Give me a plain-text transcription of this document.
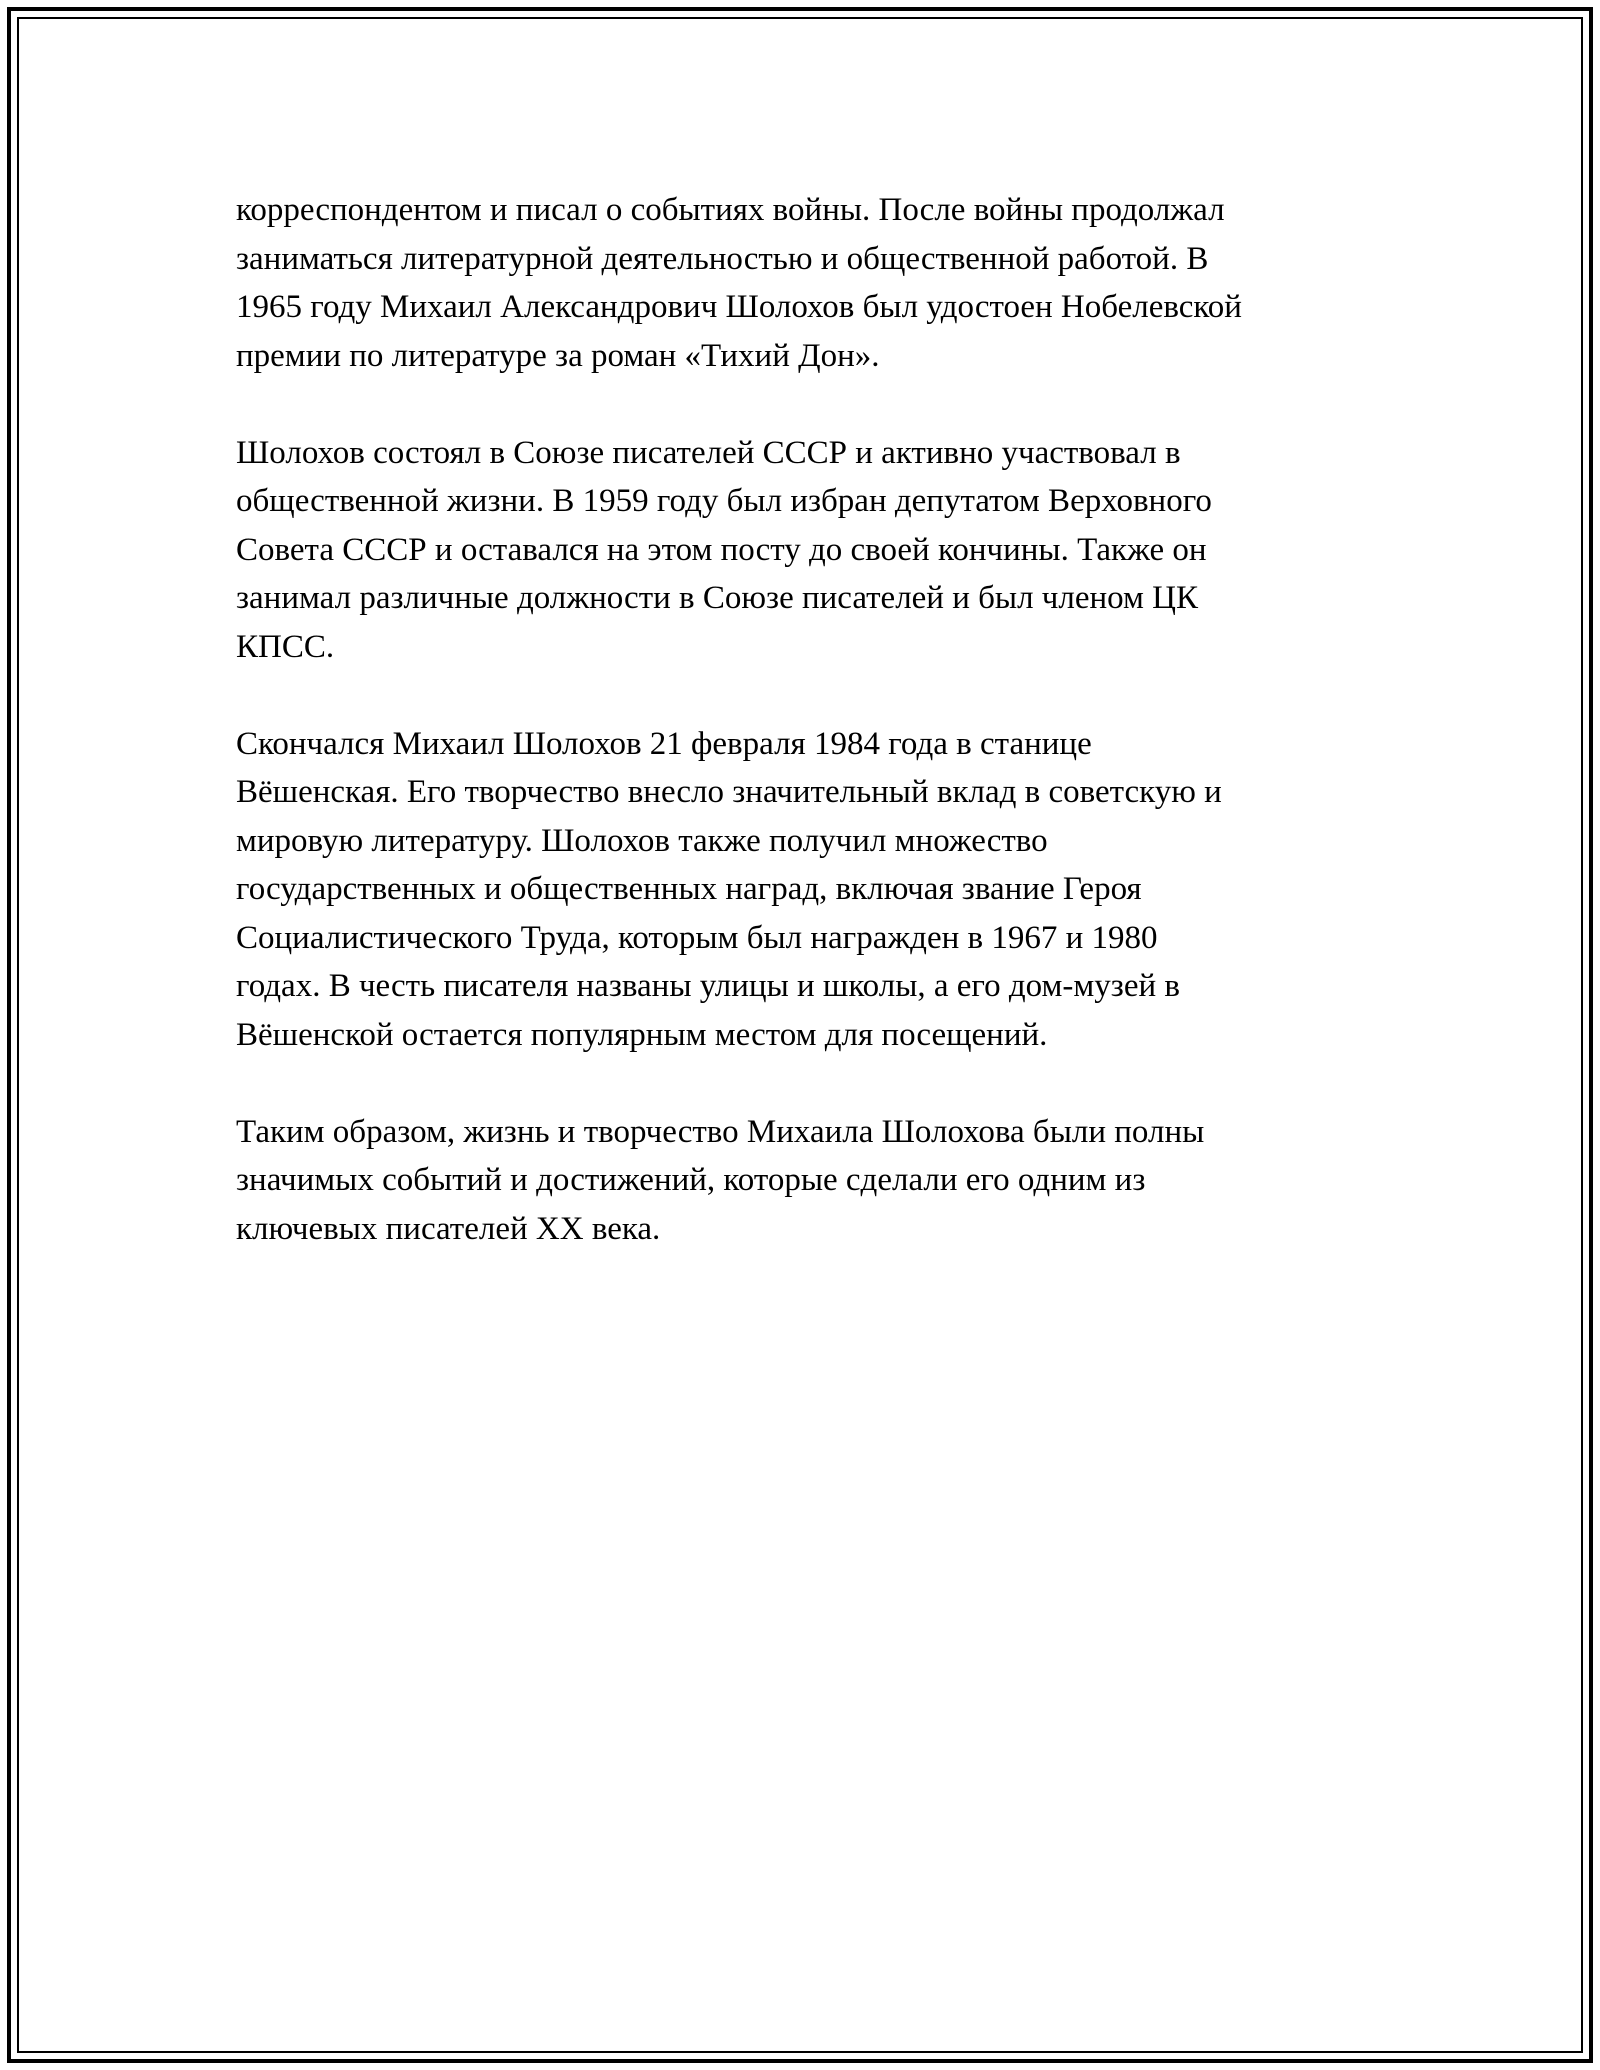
корреспондентом и писал о событиях войны. После войны продолжал
заниматься литературной деятельностью и общественной работой. В
1965 году Михаил Александрович Шолохов был удостоен Нобелевской
премии по литературе за роман «Тихий Дон».

Шолохов состоял в Союзе писателей СССР и активно участвовал в
общественной жизни. В 1959 году был избран депутатом Верховного
Совета СССР и оставался на этом посту до своей кончины. Также он
занимал различные должности в Союзе писателей и был членом ЦК
КПСС.

Скончался Михаил Шолохов 21 февраля 1984 года в станице
Вёшенская. Его творчество внесло значительный вклад в советскую и
мировую литературу. Шолохов также получил множество
государственных и общественных наград, включая звание Героя
Социалистического Труда, которым был награжден в 1967 и 1980
годах. В честь писателя названы улицы и школы, а его дом-музей в
Вёшенской остается популярным местом для посещений.

Таким образом, жизнь и творчество Михаила Шолохова были полны
значимых событий и достижений, которые сделали его одним из
ключевых писателей XX века.
